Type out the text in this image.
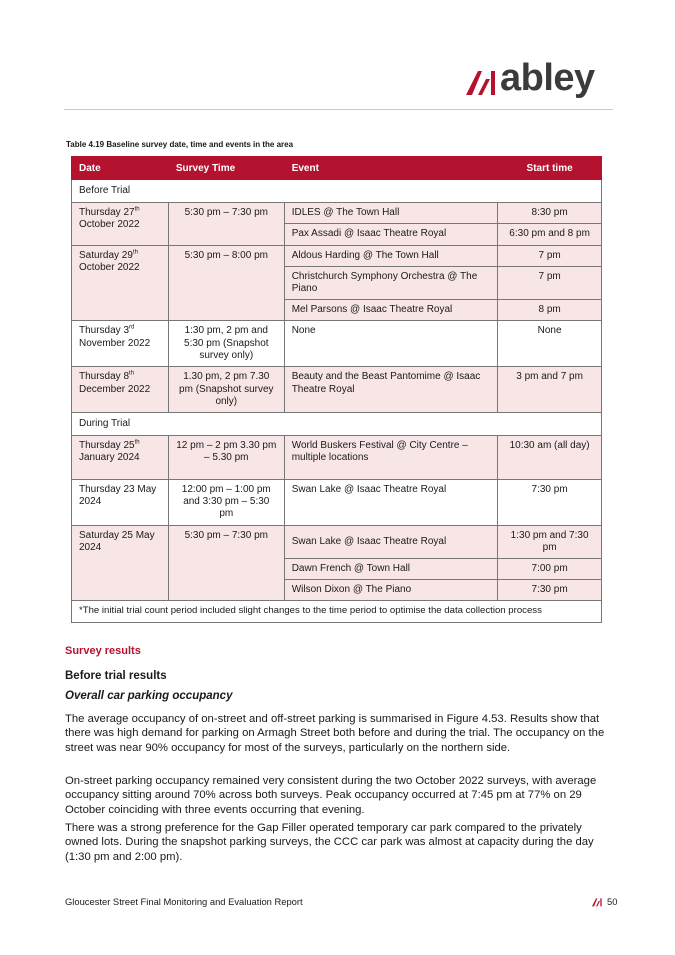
abley
Table 4.19 Baseline survey date, time and events in the area
Date	Survey Time	Event	Start time
Before Trial			
Thursday 27th
October 2022	5:30 pm – 7:30 pm	IDLES @ The Town Hall	8:30 pm
		Pax Assadi @ Isaac Theatre Royal	6:30 pm and 8 pm
Saturday 29th
October 2022	5:30 pm – 8:00 pm	Aldous Harding @ The Town Hall	7 pm
		Christchurch Symphony Orchestra @ The Piano	7 pm
		Mel Parsons @ Isaac Theatre Royal	8 pm
Thursday 3rd
November 2022	1:30 pm, 2 pm and 5:30 pm (Snapshot survey only)	None	None
Thursday 8th
December 2022	1.30 pm, 2 pm 7.30 pm (Snapshot survey only)	Beauty and the Beast Pantomime @ Isaac Theatre Royal	3 pm and 7 pm
During Trial			
Thursday 25th
January 2024	12 pm – 2 pm 3.30 pm – 5.30 pm	World Buskers Festival @ City Centre – multiple locations	10:30 am (all day)
Thursday 23 May 2024	12:00 pm – 1:00 pm and 3:30 pm – 5:30 pm	Swan Lake @ Isaac Theatre Royal	7:30 pm
Saturday 25 May 2024	5:30 pm – 7:30 pm	Swan Lake @ Isaac Theatre Royal	1:30 pm and 7:30 pm
		Dawn French @ Town Hall	7:00 pm
		Wilson Dixon @ The Piano	7:30 pm
*The initial trial count period included slight changes to the time period to optimise the data collection process			
Survey results
Before trial results
Overall car parking occupancy

The average occupancy of on-street and off-street parking is summarised in Figure 4.53. Results show that there was high demand for parking on Armagh Street both before and during the trial. The occupancy on the street was near 90% occupancy for most of the surveys, particularly on the northern side.

On-street parking occupancy remained very consistent during the two October 2022 surveys, with average occupancy sitting around 70% across both surveys. Peak occupancy occurred at 7:45 pm at 77% on 29 October coinciding with three events occurring that evening.

There was a strong preference for the Gap Filler operated temporary car park compared to the privately owned lots. During the snapshot parking surveys, the CCC car park was almost at capacity during the day (1:30 pm and 2:00 pm).

Gloucester Street Final Monitoring and Evaluation Report	50
